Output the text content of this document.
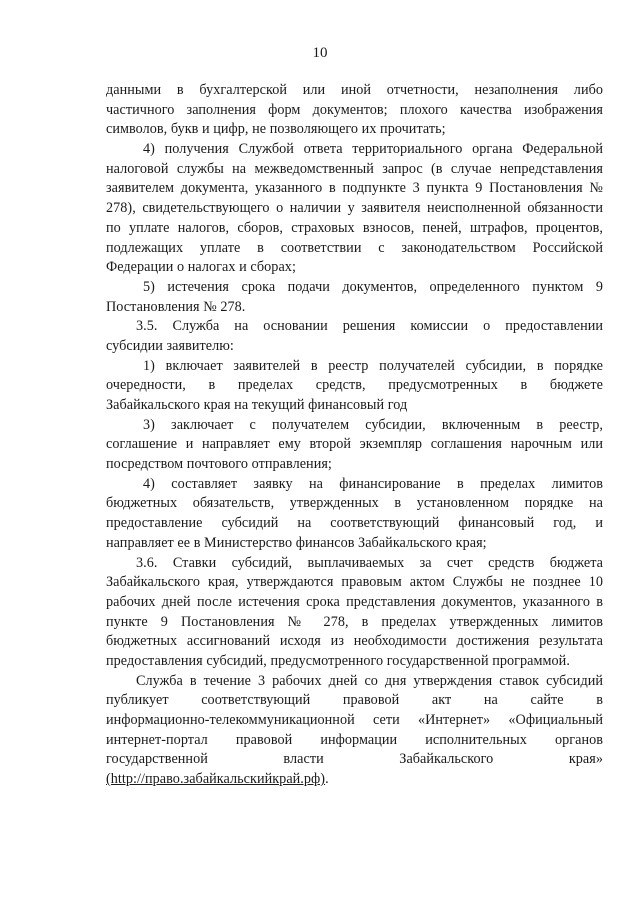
10
данными в бухгалтерской или иной отчетности, незаполнения либо
частичного заполнения форм документов; плохого качества изображения
символов, букв и цифр, не позволяющего их прочитать;
4) получения Службой ответа территориального органа Федеральной
налоговой службы на межведомственный запрос (в случае непредставления
заявителем документа, указанного в подпункте 3 пункта 9 Постановления №
278), свидетельствующего о наличии у заявителя неисполненной обязанности
по уплате налогов, сборов, страховых взносов, пеней, штрафов, процентов,
подлежащих уплате в соответствии с законодательством Российской
Федерации о налогах и сборах;
5) истечения срока подачи документов, определенного пунктом 9
Постановления № 278.
3.5. Служба на основании решения комиссии о предоставлении
субсидии заявителю:
1) включает заявителей в реестр получателей субсидии, в порядке
очередности, в пределах средств, предусмотренных в бюджете
Забайкальского края на текущий финансовый год
3) заключает с получателем субсидии, включенным в реестр,
соглашение и направляет ему второй экземпляр соглашения нарочным или
посредством почтового отправления;
4) составляет заявку на финансирование в пределах лимитов
бюджетных обязательств, утвержденных в установленном порядке на
предоставление субсидий на соответствующий финансовый год, и
направляет ее в Министерство финансов Забайкальского края;
3.6. Ставки субсидий, выплачиваемых за счет средств бюджета
Забайкальского края, утверждаются правовым актом Службы не позднее 10
рабочих дней после истечения срока представления документов, указанного в
пункте 9 Постановления № 278, в пределах утвержденных лимитов
бюджетных ассигнований исходя из необходимости достижения результата
предоставления субсидий, предусмотренного государственной программой.
Служба в течение 3 рабочих дней со дня утверждения ставок субсидий
публикует соответствующий правовой акт на сайте в
информационно-телекоммуникационной сети «Интернет» «Официальный
интернет-портал правовой информации исполнительных органов
государственной власти Забайкальского края»
(http://право.забайкальскийкрай.рф).
